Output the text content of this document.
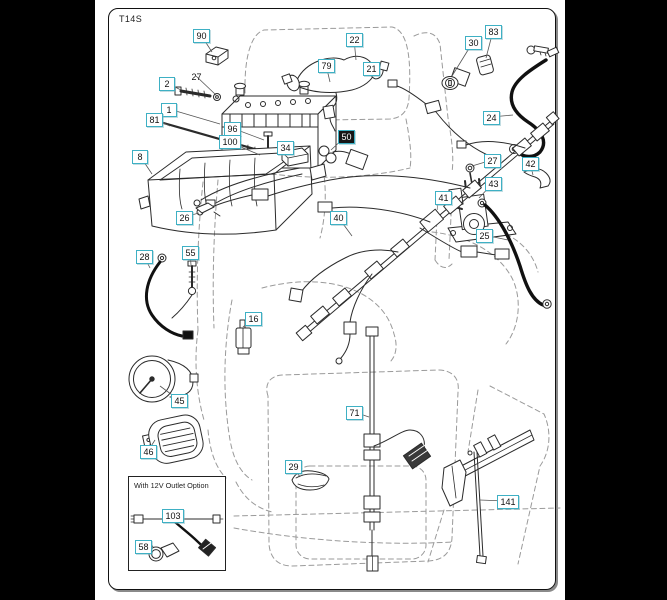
T14S
With 12V Outlet Option
90
2
27
1
81
96
100
8
22
79	21
30
83
24
34
50
27	42
43
41
25
26
28	55
40
16
45
46
29
71
141
103
58
